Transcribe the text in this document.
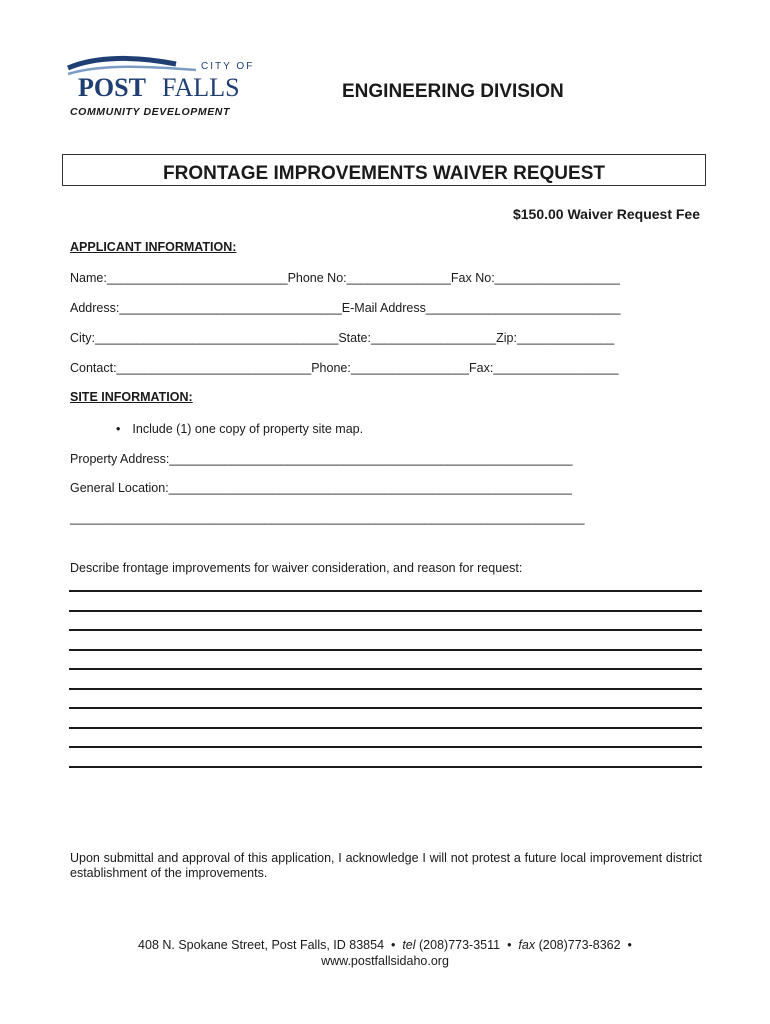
CITY OF
POST FALLS
COMMUNITY DEVELOPMENT
ENGINEERING DIVISION
FRONTAGE IMPROVEMENTS WAIVER REQUEST
$150.00 Waiver Request Fee
APPLICANT INFORMATION:
Name:__________________________Phone No:_______________Fax No:__________________
Address:________________________________E-Mail Address____________________________
City:___________________________________State:__________________Zip:______________
Contact:____________________________Phone:_________________Fax:__________________
SITE INFORMATION:
• Include (1) one copy of property site map.
Property Address:__________________________________________________________
General Location:__________________________________________________________
__________________________________________________________________________
Describe frontage improvements for waiver consideration, and reason for request:
Upon submittal and approval of this application, I acknowledge I will not protest a future local improvement district establishment of the improvements.
408 N. Spokane Street, Post Falls, ID 83854 • tel (208)773-3511 • fax (208)773-8362 •
www.postfallsidaho.org
